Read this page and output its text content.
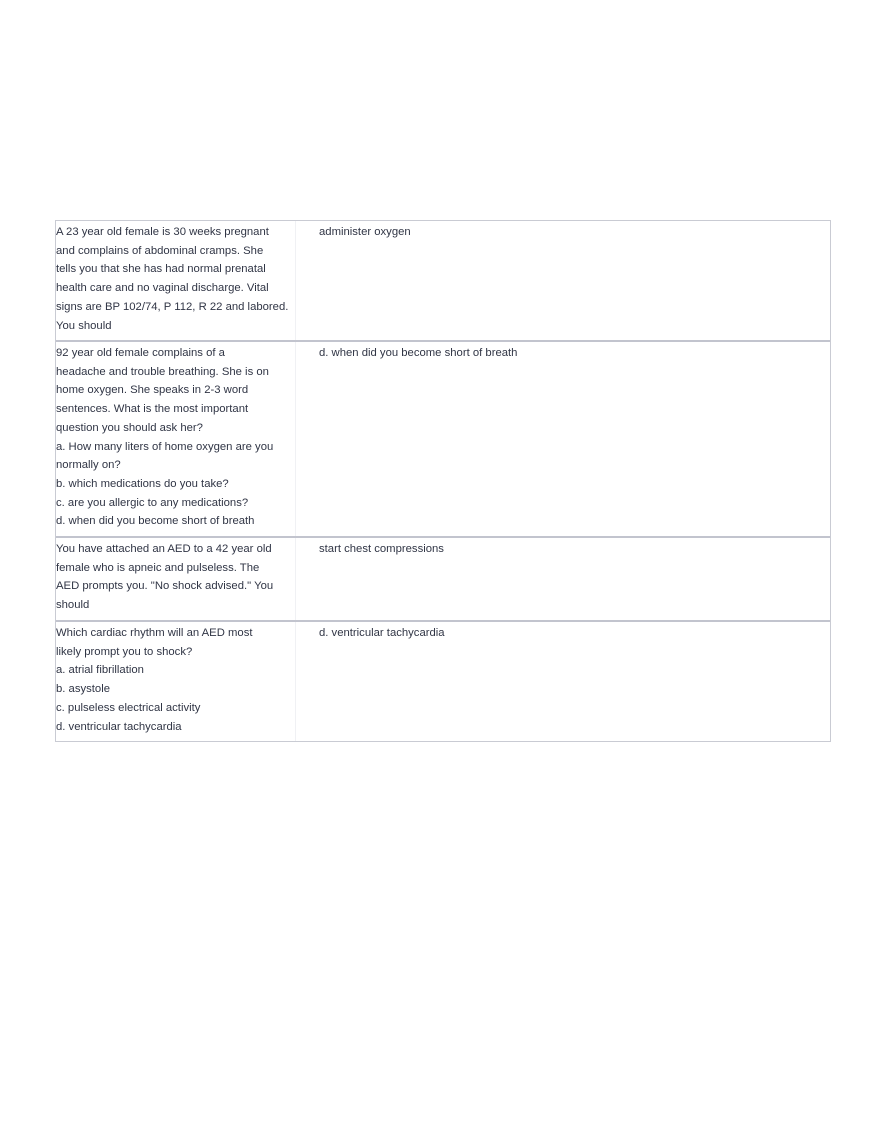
A 23 year old female is 30 weeks pregnant
and complains of abdominal cramps. She
tells you that she has had normal prenatal
health care and no vaginal discharge. Vital
signs are BP 102/74, P 112, R 22 and labored.
You should
administer oxygen
92 year old female complains of a
headache and trouble breathing. She is on
home oxygen. She speaks in 2-3 word
sentences. What is the most important
question you should ask her?
a. How many liters of home oxygen are you
normally on?
b. which medications do you take?
c. are you allergic to any medications?
d. when did you become short of breath
d. when did you become short of breath
You have attached an AED to a 42 year old
female who is apneic and pulseless. The
AED prompts you. "No shock advised." You
should
start chest compressions
Which cardiac rhythm will an AED most
likely prompt you to shock?
a. atrial fibrillation
b. asystole
c. pulseless electrical activity
d. ventricular tachycardia
d. ventricular tachycardia
